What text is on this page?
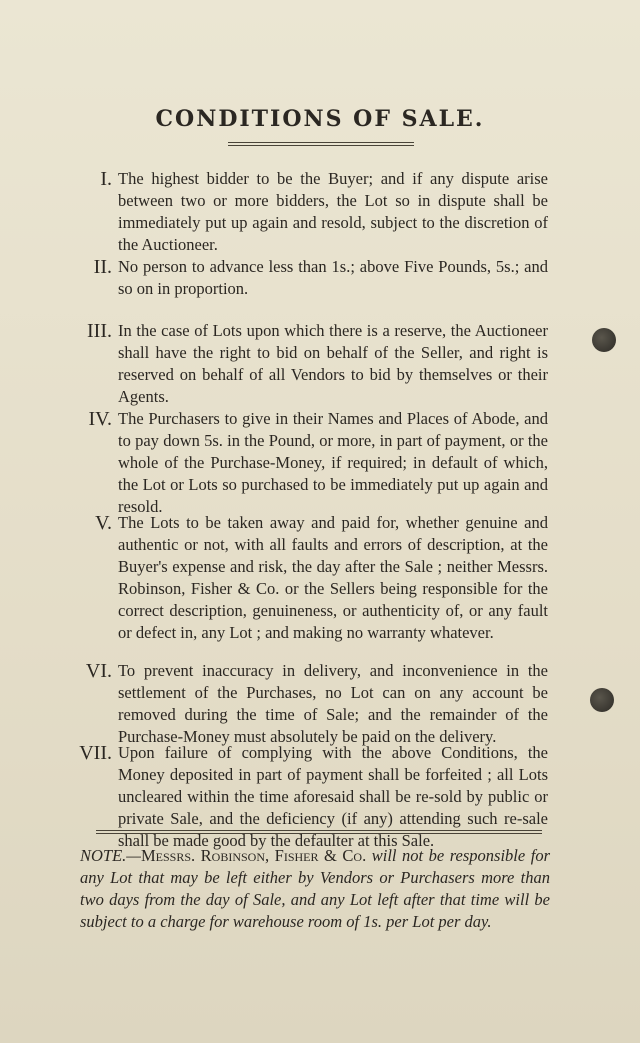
CONDITIONS OF SALE.
I. The highest bidder to be the Buyer; and if any dispute arise between two or more bidders, the Lot so in dispute shall be immediately put up again and resold, subject to the discretion of the Auctioneer.
II. No person to advance less than 1s.; above Five Pounds, 5s.; and so on in proportion.
III. In the case of Lots upon which there is a reserve, the Auctioneer shall have the right to bid on behalf of the Seller, and right is reserved on behalf of all Vendors to bid by themselves or their Agents.
IV. The Purchasers to give in their Names and Places of Abode, and to pay down 5s. in the Pound, or more, in part of payment, or the whole of the Purchase-Money, if required; in default of which, the Lot or Lots so purchased to be immediately put up again and resold.
V. The Lots to be taken away and paid for, whether genuine and authentic or not, with all faults and errors of description, at the Buyer's expense and risk, the day after the Sale ; neither Messrs. Robinson, Fisher & Co. or the Sellers being responsible for the correct description, genuineness, or authenticity of, or any fault or defect in, any Lot ; and making no warranty whatever.
VI. To prevent inaccuracy in delivery, and inconvenience in the settlement of the Purchases, no Lot can on any account be removed during the time of Sale; and the remainder of the Purchase-Money must absolutely be paid on the delivery.
VII. Upon failure of complying with the above Conditions, the Money deposited in part of payment shall be forfeited ; all Lots uncleared within the time aforesaid shall be re-sold by public or private Sale, and the deficiency (if any) attending such re-sale shall be made good by the defaulter at this Sale.
NOTE.—Messrs. Robinson, Fisher & Co. will not be responsible for any Lot that may be left either by Vendors or Purchasers more than two days from the day of Sale, and any Lot left after that time will be subject to a charge for warehouse room of 1s. per Lot per day.
